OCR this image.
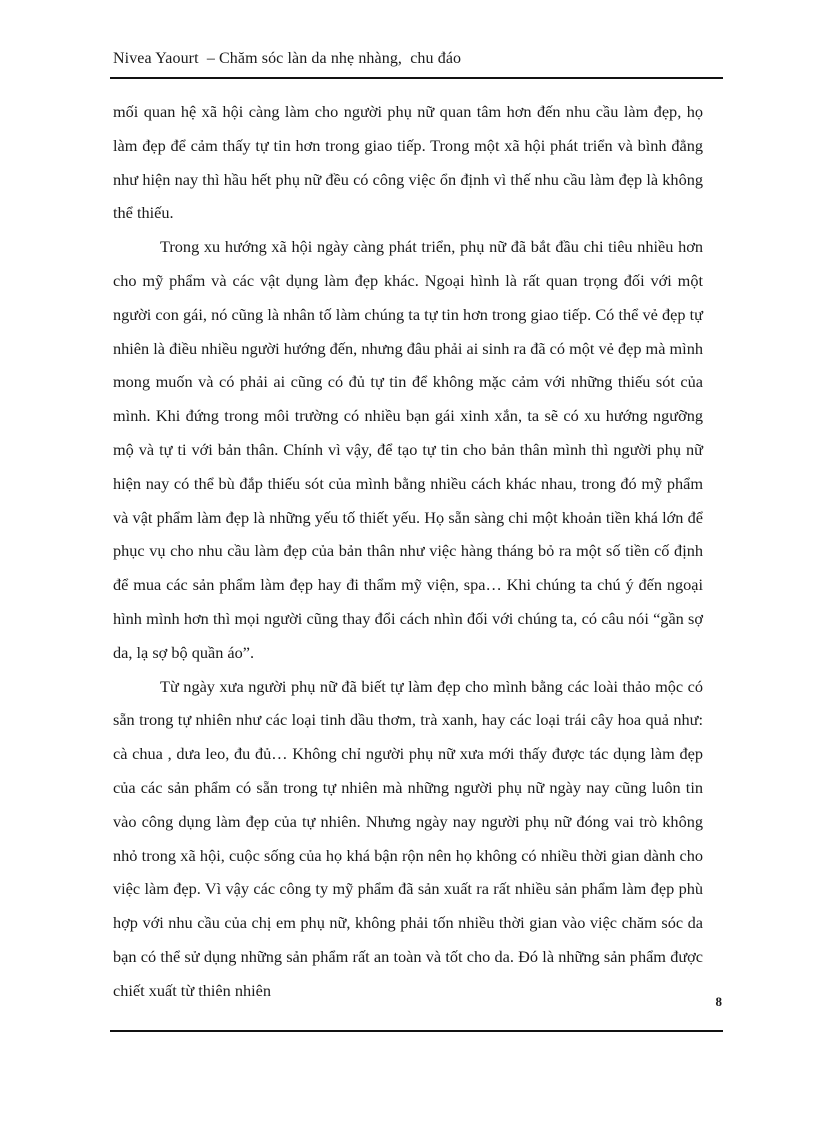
Nivea Yaourt  – Chăm sóc làn da nhẹ nhàng,  chu đáo

mối quan hệ xã hội càng làm cho người phụ nữ quan tâm hơn đến nhu cầu làm đẹp, họ làm đẹp để cảm thấy tự tin hơn trong giao tiếp. Trong một xã hội phát triển và bình đẳng như hiện nay thì hầu hết phụ nữ đều có công việc ổn định vì thế nhu cầu làm đẹp là không thể thiếu.

Trong xu hướng xã hội ngày càng phát triển, phụ nữ đã bắt đầu chi tiêu nhiều hơn cho mỹ phẩm và các vật dụng làm đẹp khác. Ngoại hình là rất quan trọng đối với một người con gái, nó cũng là nhân tố làm chúng ta tự tin hơn trong giao tiếp. Có thể vẻ đẹp tự nhiên là điều nhiều người hướng đến, nhưng đâu phải ai sinh ra đã có một vẻ đẹp mà mình mong muốn và có phải ai cũng có đủ tự tin để không mặc cảm với những thiếu sót của mình. Khi đứng trong môi trường có nhiều bạn gái xinh xắn, ta sẽ có xu hướng ngưỡng mộ và tự ti với bản thân. Chính vì vậy, để tạo tự tin cho bản thân mình thì người phụ nữ hiện nay có thể bù đắp thiếu sót của mình bằng nhiều cách khác nhau, trong đó mỹ phẩm và vật phẩm làm đẹp là những yếu tố thiết yếu. Họ sẵn sàng chi một khoản tiền khá lớn để phục vụ cho nhu cầu làm đẹp của bản thân như việc hàng tháng bỏ ra một số tiền cố định để mua các sản phẩm làm đẹp hay đi thẩm mỹ viện, spa… Khi chúng ta chú ý đến ngoại hình mình hơn thì mọi người cũng thay đổi cách nhìn đối với chúng ta, có câu nói “gần sợ da, lạ sợ bộ quần áo”.

Từ ngày xưa người phụ nữ đã biết tự làm đẹp cho mình bằng các loài thảo mộc có sẵn trong tự nhiên như các loại tinh dầu thơm, trà xanh, hay các loại trái cây hoa quả như: cà chua , dưa leo, đu đủ… Không chỉ người phụ nữ xưa mới thấy được tác dụng làm đẹp của các sản phẩm có sẵn trong tự nhiên mà những người phụ nữ ngày nay cũng luôn tin vào công dụng làm đẹp của tự nhiên. Nhưng ngày nay người phụ nữ đóng vai trò không nhỏ trong xã hội, cuộc sống của họ khá bận rộn nên họ không có nhiều thời gian dành cho việc làm đẹp. Vì vậy các công ty mỹ phẩm đã sản xuất ra rất nhiều sản phẩm làm đẹp phù hợp với nhu cầu của chị em phụ nữ, không phải tốn nhiều thời gian vào việc chăm sóc da bạn có thể sử dụng những sản phẩm rất an toàn và tốt cho da. Đó là những sản phẩm được chiết xuất từ thiên nhiên

8
